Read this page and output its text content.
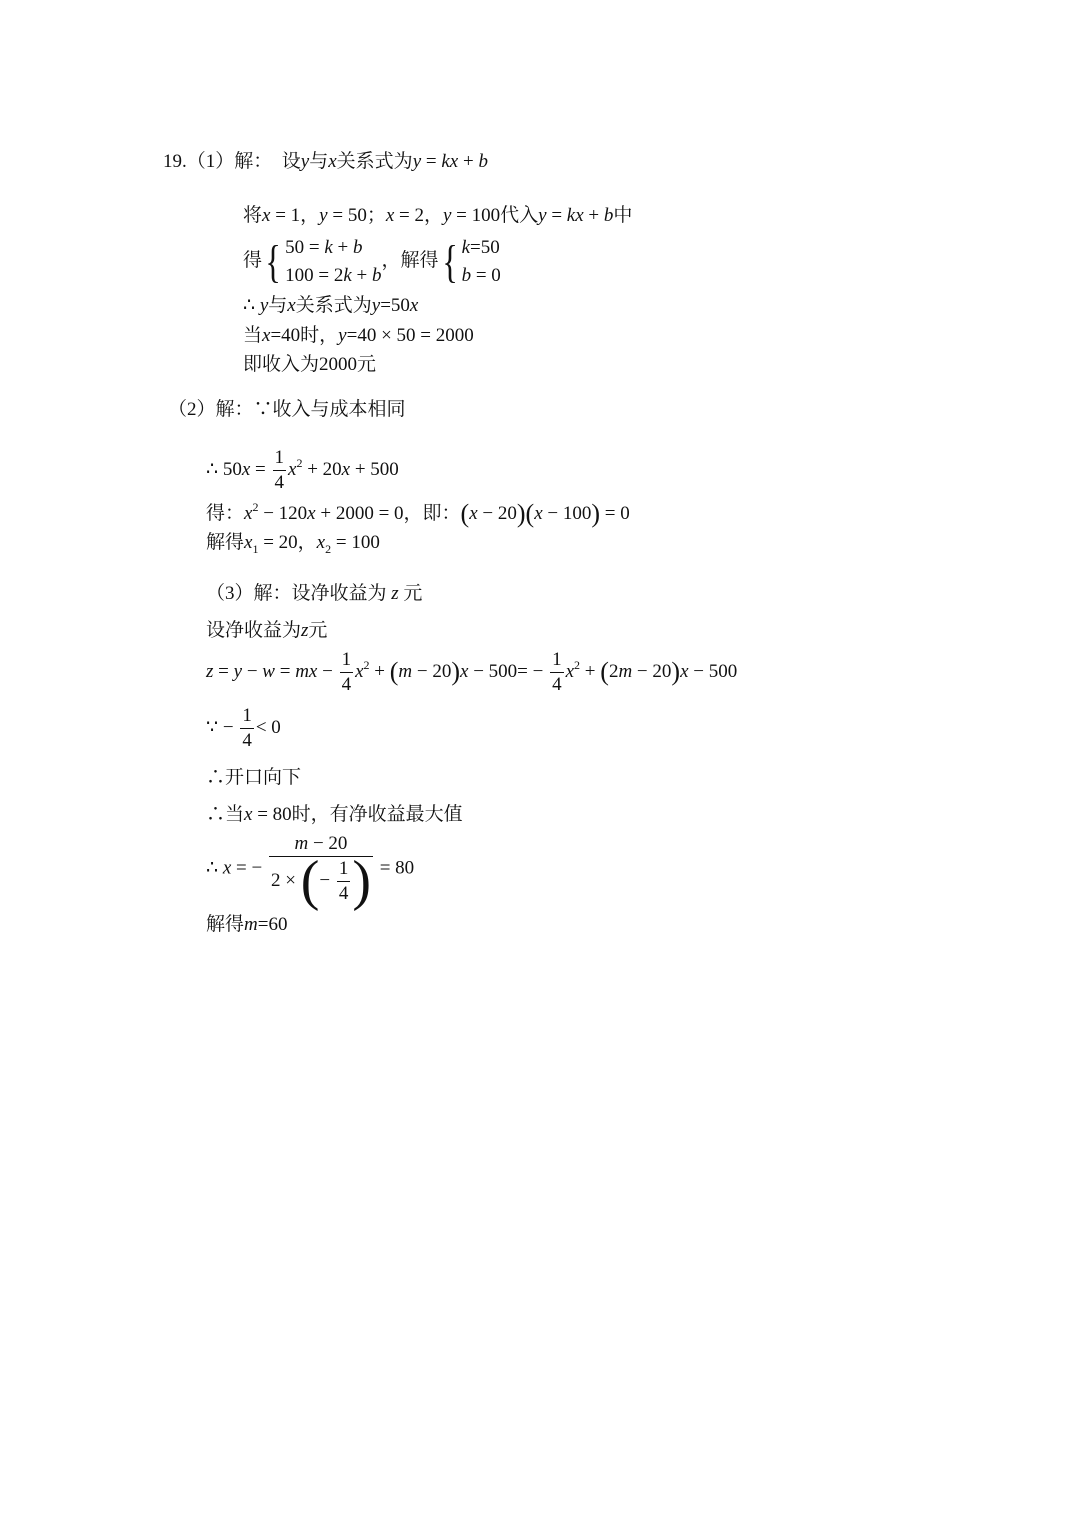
19.（1）解：  设y与x关系式为y = kx + b
将x = 1，y = 50；x = 2，y = 100代入y = kx + b中
得 { 50 = k + b
100 = 2k + b
，解得 { k=50
b = 0
∴ y与x关系式为y=50x
当x=40时，y=40 × 50 = 2000
即收入为2000元
（2）解：∵收入与成本相同
∴ $50x = \frac{1}{4} x^2 + 20x + 500$
得：$x^2 - 120x + 2000 = 0$，即：(x − 20)(x − 100) = 0
解得$x_1 = 20$，$x_2 = 100$
（3）解：设净收益为 z 元
设净收益为z元
z = y − w = mx − $\frac{1}{4} x^2 + (m - 20)x - 500= - \frac{1}{4} x^2 + (2m - 20)x - 500$
∵ − $\frac{1}{4} < 0$
∴开口向下
∴当x = 80时，有净收益最大值
∴ x = − $\frac{m - 20}{2 \times (- \frac{1}{4} )} = 80$
解得m=60
